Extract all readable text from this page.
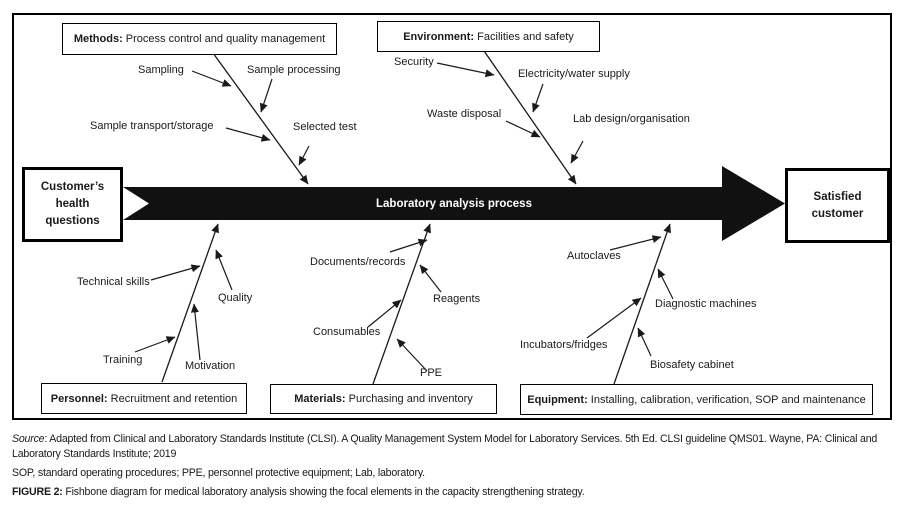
Laboratory analysis process
Customer’s health questions
Satisfied customer
Methods: Process control and quality management	Environment: Facilities and safety
Personnel: Recruitment and retention	Materials: Purchasing and inventory	Equipment: Installing, calibration, verification, SOP and maintenance
Sampling	Sample processing
Sample transport/storage	Selected test
Security
Electricity/water supply
Waste disposal	Lab design/organisation
Technical skills
Quality
Training	Motivation
Documents/records
Reagents
Consumables
PPE
Autoclaves
Diagnostic machines
Incubators/fridges
Biosafety cabinet

Source: Adapted from Clinical and Laboratory Standards Institute (CLSI). A Quality Management System Model for Laboratory Services. 5th Ed. CLSI guideline QMS01. Wayne, PA: Clinical and Laboratory Standards Institute; 2019

SOP, standard operating procedures; PPE, personnel protective equipment; Lab, laboratory.

FIGURE 2: Fishbone diagram for medical laboratory analysis showing the focal elements in the capacity strengthening strategy.
